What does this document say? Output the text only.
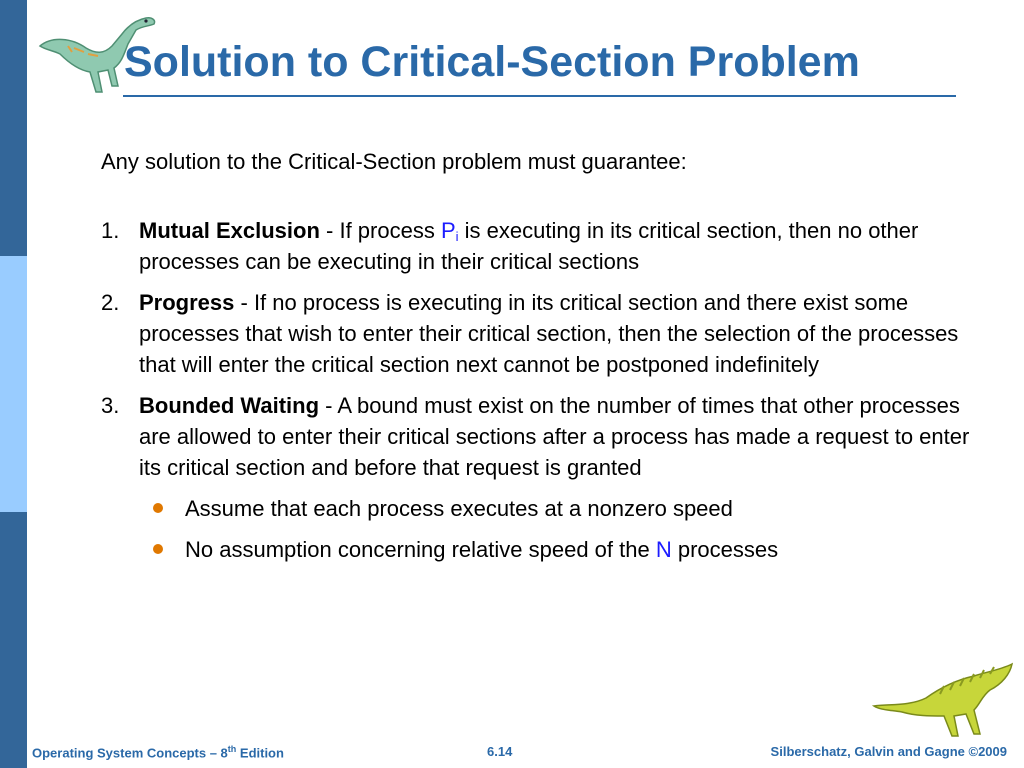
Solution to Critical-Section Problem

Any solution to the Critical-Section problem must guarantee:

1. Mutual Exclusion - If process $P_i$ is executing in its critical section, then no other processes can be executing in their critical sections
2. Progress - If no process is executing in its critical section and there exist some processes that wish to enter their critical section, then the selection of the processes that will enter the critical section next cannot be postponed indefinitely
3. Bounded Waiting - A bound must exist on the number of times that other processes are allowed to enter their critical sections after a process has made a request to enter its critical section and before that request is granted
Assume that each process executes at a nonzero speed
No assumption concerning relative speed of the N processes
Operating System Concepts – 8th Edition	6.14	Silberschatz, Galvin and Gagne ©2009
